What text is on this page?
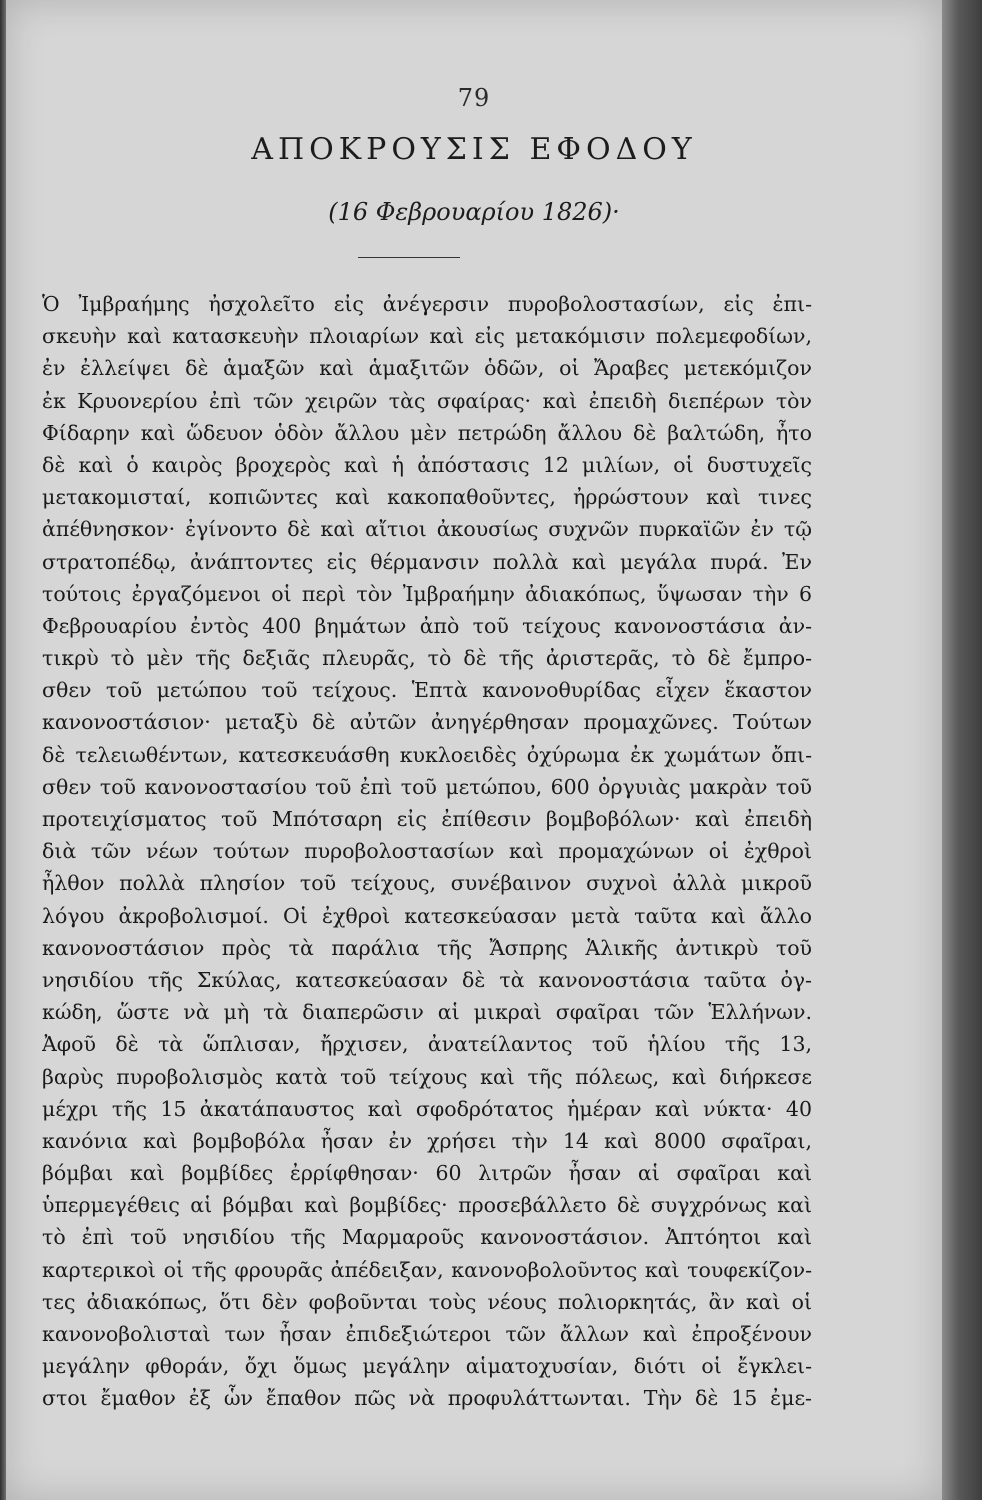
79
ΑΠΟΚΡΟΥΣΙΣ ΕΦΟΔΟΥ
(16 Φεβρουαρίου 1826)·
Ὁ Ἰμβραήμης ἠσχολεῖτο εἰς ἀνέγερσιν πυροβολοστασίων, εἰς ἐπι-
σκευὴν καὶ κατασκευὴν πλοιαρίων καὶ εἰς μετακόμισιν πολεμεφοδίων,
ἐν ἐλλείψει δὲ ἁμαξῶν καὶ ἁμαξιτῶν ὁδῶν, οἱ Ἄραβες μετεκόμιζον
ἐκ Κρυονερίου ἐπὶ τῶν χειρῶν τὰς σφαίρας· καὶ ἐπειδὴ διεπέρων τὸν
Φίδαρην καὶ ὥδευον ὁδὸν ἄλλου μὲν πετρώδη ἄλλου δὲ βαλτώδη, ἦτο
δὲ καὶ ὁ καιρὸς βροχερὸς καὶ ἡ ἀπόστασις 12 μιλίων, οἱ δυστυχεῖς
μετακομισταί, κοπιῶντες καὶ κακοπαθοῦντες, ἠρρώστουν καὶ τινες
ἀπέθνησκον· ἐγίνοντο δὲ καὶ αἴτιοι ἀκουσίως συχνῶν πυρκαϊῶν ἐν τῷ
στρατοπέδῳ, ἀνάπτοντες εἰς θέρμανσιν πολλὰ καὶ μεγάλα πυρά. Ἐν
τούτοις ἐργαζόμενοι οἱ περὶ τὸν Ἰμβραήμην ἀδιακόπως, ὕψωσαν τὴν 6
Φεβρουαρίου ἐντὸς 400 βημάτων ἀπὸ τοῦ τείχους κανονοστάσια ἀν-
τικρὺ τὸ μὲν τῆς δεξιᾶς πλευρᾶς, τὸ δὲ τῆς ἀριστερᾶς, τὸ δὲ ἔμπρο-
σθεν τοῦ μετώπου τοῦ τείχους. Ἑπτὰ κανονοθυρίδας εἶχεν ἕκαστον
κανονοστάσιον· μεταξὺ δὲ αὐτῶν ἀνηγέρθησαν προμαχῶνες. Τούτων
δὲ τελειωθέντων, κατεσκευάσθη κυκλοειδὲς ὀχύρωμα ἐκ χωμάτων ὄπι-
σθεν τοῦ κανονοστασίου τοῦ ἐπὶ τοῦ μετώπου, 600 ὀργυιὰς μακρὰν τοῦ
προτειχίσματος τοῦ Μπότσαρη εἰς ἐπίθεσιν βομβοβόλων· καὶ ἐπειδὴ
διὰ τῶν νέων τούτων πυροβολοστασίων καὶ προμαχώνων οἱ ἐχθροὶ
ἦλθον πολλὰ πλησίον τοῦ τείχους, συνέβαινον συχνοὶ ἀλλὰ μικροῦ
λόγου ἀκροβολισμοί. Οἱ ἐχθροὶ κατεσκεύασαν μετὰ ταῦτα καὶ ἄλλο
κανονοστάσιον πρὸς τὰ παράλια τῆς Ἄσπρης Ἁλικῆς ἀντικρὺ τοῦ
νησιδίου τῆς Σκύλας, κατεσκεύασαν δὲ τὰ κανονοστάσια ταῦτα ὀγ-
κώδη, ὥστε νὰ μὴ τὰ διαπερῶσιν αἱ μικραὶ σφαῖραι τῶν Ἑλλήνων.
Ἀφοῦ δὲ τὰ ὥπλισαν, ἤρχισεν, ἀνατείλαντος τοῦ ἡλίου τῆς 13,
βαρὺς πυροβολισμὸς κατὰ τοῦ τείχους καὶ τῆς πόλεως, καὶ διήρκεσε
μέχρι τῆς 15 ἀκατάπαυστος καὶ σφοδρότατος ἡμέραν καὶ νύκτα· 40
κανόνια καὶ βομβοβόλα ἦσαν ἐν χρήσει τὴν 14 καὶ 8000 σφαῖραι,
βόμβαι καὶ βομβίδες ἐρρίφθησαν· 60 λιτρῶν ἦσαν αἱ σφαῖραι καὶ
ὑπερμεγέθεις αἱ βόμβαι καὶ βομβίδες· προσεβάλλετο δὲ συγχρόνως καὶ
τὸ ἐπὶ τοῦ νησιδίου τῆς Μαρμαροῦς κανονοστάσιον. Ἀπτόητοι καὶ
καρτερικοὶ οἱ τῆς φρουρᾶς ἀπέδειξαν, κανονοβολοῦντος καὶ τουφεκίζον-
τες ἀδιακόπως, ὅτι δὲν φοβοῦνται τοὺς νέους πολιορκητάς, ἂν καὶ οἱ
κανονοβολισταὶ των ἦσαν ἐπιδεξιώτεροι τῶν ἄλλων καὶ ἐπροξένουν
μεγάλην φθοράν, ὄχι ὅμως μεγάλην αἱματοχυσίαν, διότι οἱ ἔγκλει-
στοι ἔμαθον ἐξ ὧν ἔπαθον πῶς νὰ προφυλάττωνται. Τὴν δὲ 15 ἐμε-
